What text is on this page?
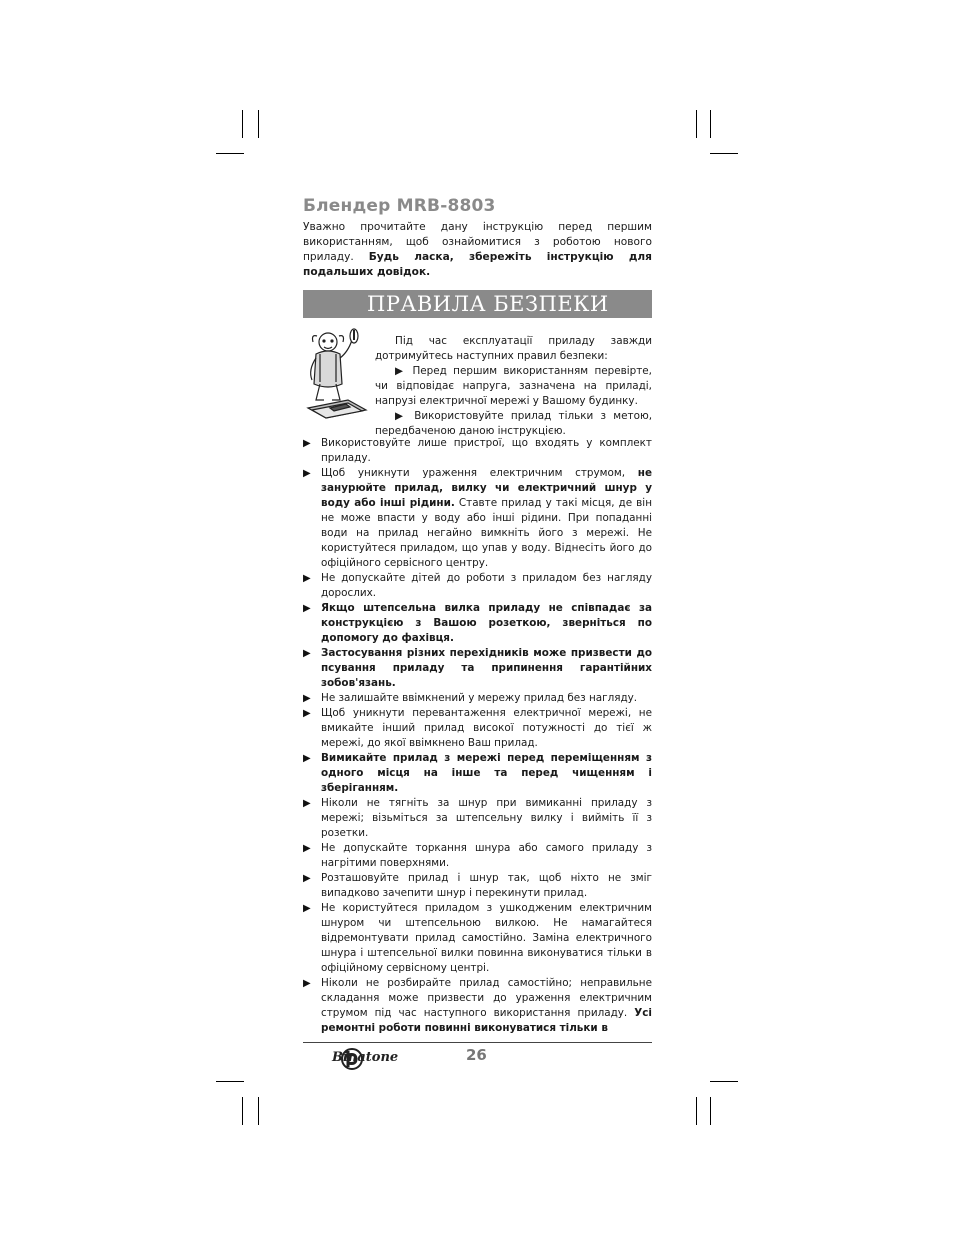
Блендер MRB-8803
Уважно прочитайте дану інструкцію перед першим використанням, щоб ознайомитися з роботою нового приладу. Будь ласка, збережіть інструкцію для подальших довідок.
ПРАВИЛА БЕЗПЕКИ

Під час експлуатації приладу завжди дотримуйтесь наступних правил безпеки:

▶ Перед першим використанням перевірте, чи відповідає напруга, зазначена на приладі, напрузі електричної мережі у Вашому будинку.

▶ Використовуйте прилад тільки з метою, передбаченою даною інструкцією.

▶ Використовуйте лише пристрої, що входять у комплект приладу.
▶ Щоб уникнути ураження електричним струмом, не занурюйте прилад, вилку чи електричний шнур у воду або інші рідини. Ставте прилад у такі місця, де він не може впасти у воду або інші рідини. При попаданні води на прилад негайно вимкніть його з мережі. Не користуйтеся приладом, що упав у воду. Віднесіть його до офіційного сервісного центру.
▶ Не допускайте дітей до роботи з приладом без нагляду дорослих.
▶ Якщо штепсельна вилка приладу не співпадає за конструкцією з Вашою розеткою, зверніться по допомогу до фахівця.
▶ Застосування різних перехідників може призвести до псування приладу та припинення гарантійних зобов'язань.
▶ Не залишайте ввімкнений у мережу прилад без нагляду.
▶ Щоб уникнути перевантаження електричної мережі, не вмикайте інший прилад високої потужності до тієї ж мережі, до якої ввімкнено Ваш прилад.
▶ Вимикайте прилад з мережі перед переміщенням з одного місця на інше та перед чищенням і зберіганням.
▶ Ніколи не тягніть за шнур при вимиканні приладу з мережі; візьміться за штепсельну вилку і вийміть її з розетки.
▶ Не допускайте торкання шнура або самого приладу з нагрітими поверхнями.
▶ Розташовуйте прилад і шнур так, щоб ніхто не зміг випадково зачепити шнур і перекинути прилад.
▶ Не користуйтеся приладом з ушкодженим електричним шнуром чи штепсельною вилкою. Не намагайтеся відремонтувати прилад самостійно. Заміна електричного шнура і штепсельної вилки повинна виконуватися тільки в офіційному сервісному центрі.
▶ Ніколи не розбирайте прилад самостійно; неправильне складання може призвести до ураження електричним струмом під час наступного використання приладу. Усі ремонтні роботи повинні виконуватися тільки в
Binatone	26
